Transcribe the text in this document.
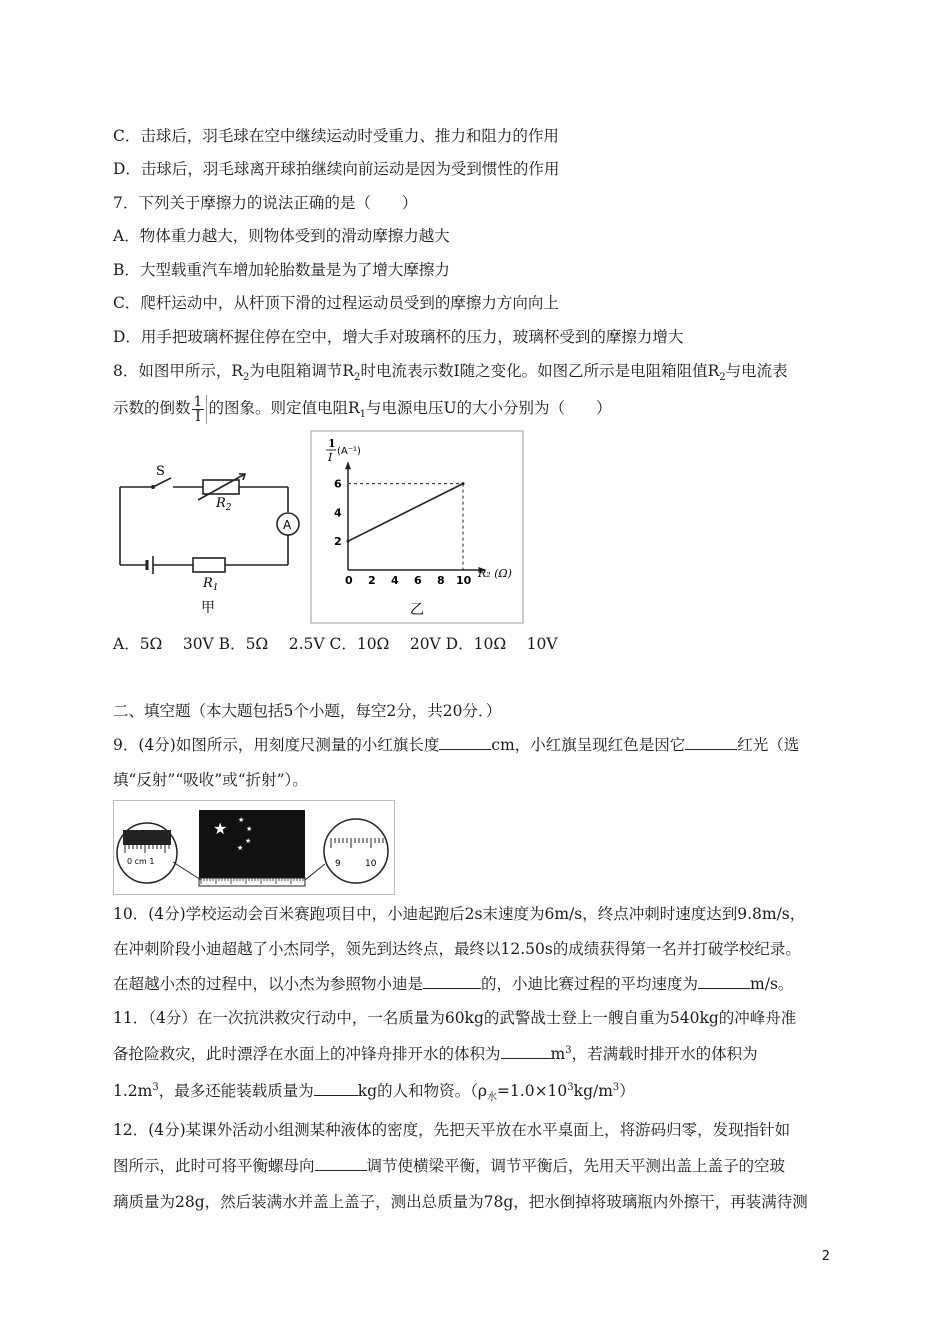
C．击球后，羽毛球在空中继续运动时受重力、推力和阻力的作用
D．击球后，羽毛球离开球拍继续向前运动是因为受到惯性的作用
7．下列关于摩擦力的说法正确的是（　　）
A．物体重力越大，则物体受到的滑动摩擦力越大
B．大型载重汽车增加轮胎数量是为了增大摩擦力
C．爬杆运动中，从杆顶下滑的过程运动员受到的摩擦力方向向上
D．用手把玻璃杯握住停在空中，增大手对玻璃杯的压力，玻璃杯受到的摩擦力增大
8．如图甲所示，$R_2$为电阻箱调节$R_2$时电流表示数I随之变化。如图乙所示是电阻箱阻值$R_2$与电流表
示数的倒数 $\frac{1}{I}$ 的图象。则定值电阻$R_1$与电源电压U的大小分别为（　　）
S
$R_2$
A
$R_1$
甲
0 2 4 6 8 10
2
4
6
1
I (A⁻¹)
R₂ (Ω)
乙
A．5Ω　 30V B．5Ω　 2.5V C．10Ω　 20V D．10Ω　 10V
二、填空题（本大题包括5个小题，每空2分，共20分．）
9．(4分)如图所示，用刻度尺测量的小红旗长度	cm，小红旗呈现红色是因它	红光（选
填“反射”“吸收”或“折射”）。
★ ★
★
★
★
0 cm 1	9	10
10．(4分)学校运动会百米赛跑项目中，小迪起跑后2s末速度为6m/s，终点冲刺时速度达到9.8m/s，
在冲刺阶段小迪超越了小杰同学，领先到达终点，最终以12.50s的成绩获得第一名并打破学校纪录。
在超越小杰的过程中，以小杰为参照物小迪是	的，小迪比赛过程的平均速度为	m/s。
11．（4分）在一次抗洪救灾行动中，一名质量为60kg的武警战士登上一艘自重为540kg的冲峰舟准
备抢险救灾，此时漂浮在水面上的冲锋舟排开水的体积为	$m^3$，若满载时排开水的体积为
$1.2m^3$，最多还能装载质量为	kg的人和物资。$(\rho_水=1.0\times 10^3kg/m^3)$
12．(4分)某课外活动小组测某种液体的密度，先把天平放在水平桌面上，将游码归零，发现指针如
图所示，此时可将平衡螺母向	调节使横梁平衡，调节平衡后，先用天平测出盖上盖子的空玻
璃质量为28g，然后装满水并盖上盖子，测出总质量为78g，把水倒掉将玻璃瓶内外擦干，再装满待测
2
